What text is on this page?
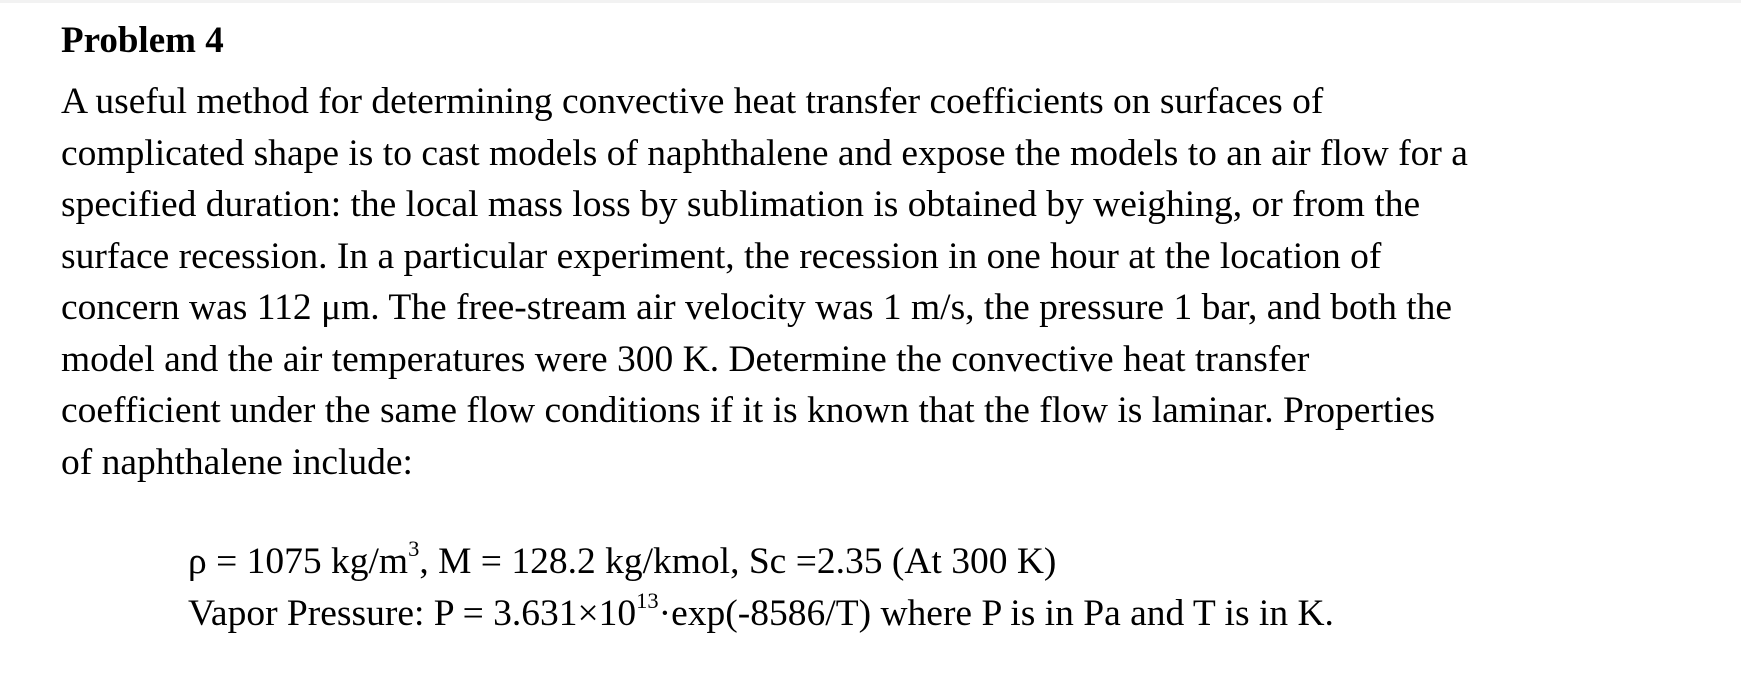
Problem 4

A useful method for determining convective heat transfer coefficients on surfaces of
complicated shape is to cast models of naphthalene and expose the models to an air flow for a
specified duration: the local mass loss by sublimation is obtained by weighing, or from the
surface recession. In a particular experiment, the recession in one hour at the location of
concern was 112 μm. The free-stream air velocity was 1 m/s, the pressure 1 bar, and both the
model and the air temperatures were 300 K. Determine the convective heat transfer
coefficient under the same flow conditions if it is known that the flow is laminar. Properties
of naphthalene include:

ρ = 1075 $kg/m^3$, M = 128.2 kg/kmol, Sc =2.35 (At 300 K)
Vapor Pressure: $P = 3.631\times 10^{13}\cdot\exp(-8586/T)$ where P is in Pa and T is in K.
